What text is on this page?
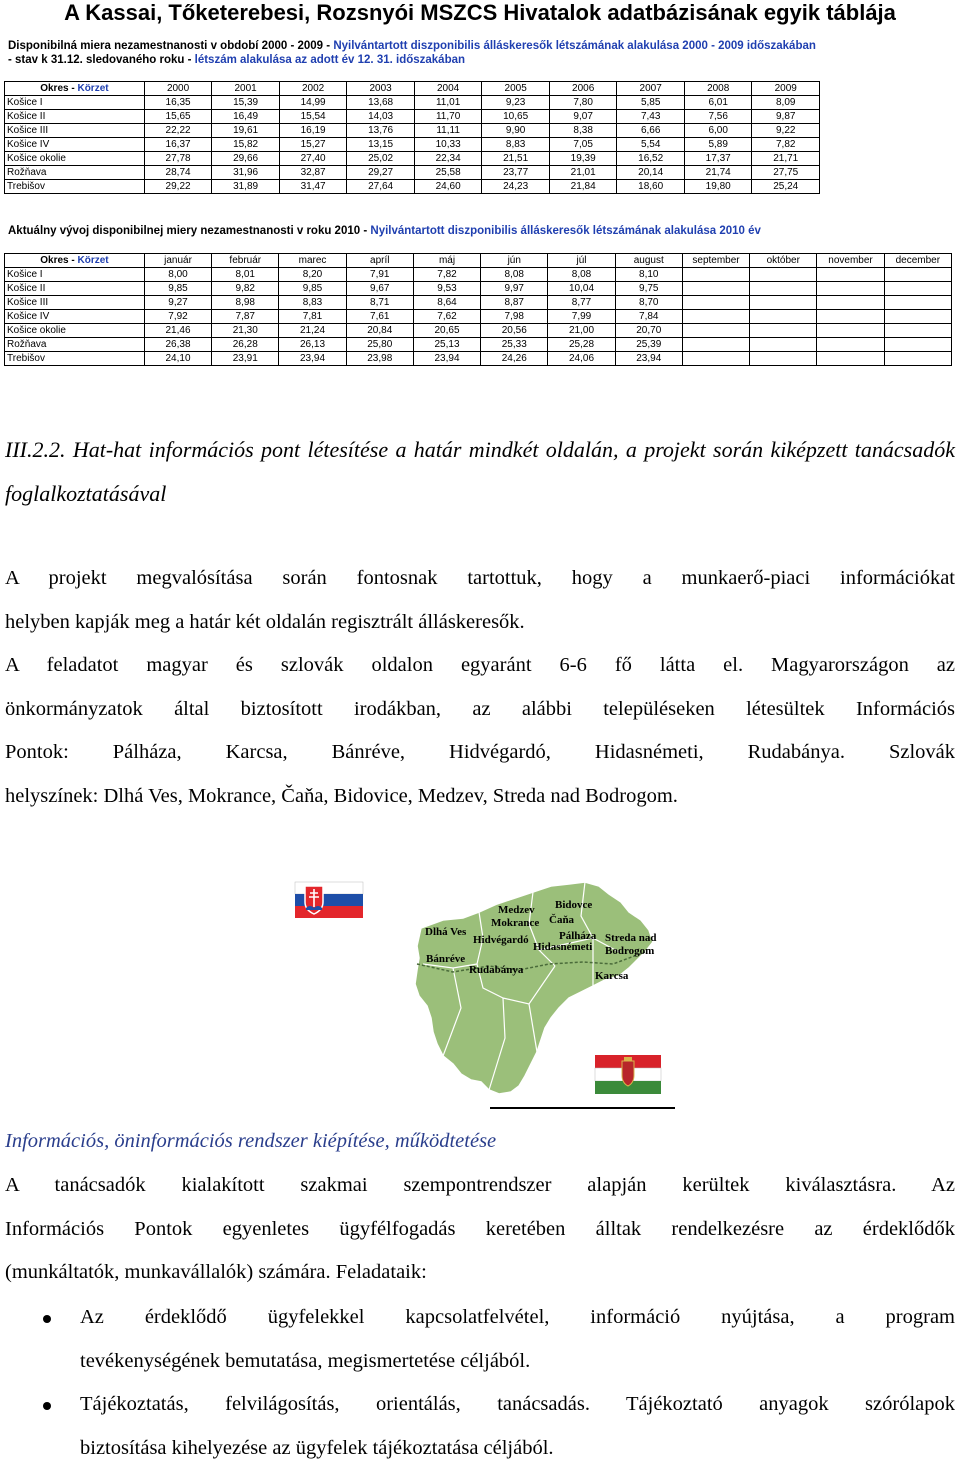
A Kassai, Tőketerebesi, Rozsnyói MSZCS Hivatalok adatbázisának egyik táblája
Disponibilná miera nezamestnanosti v období 2000 - 2009 - Nyilvántartott diszponibilis álláskeresők létszámának alakulása 2000 - 2009 időszakában
- stav k 31.12. sledovaného roku - létszám alakulása az adott év 12. 31. időszakában
Okres - Körzet	2000	2001	2002	2003	2004	2005	2006	2007	2008	2009
Košice I	16,35	15,39	14,99	13,68	11,01	9,23	7,80	5,85	6,01	8,09
Košice II	15,65	16,49	15,54	14,03	11,70	10,65	9,07	7,43	7,56	9,87
Košice III	22,22	19,61	16,19	13,76	11,11	9,90	8,38	6,66	6,00	9,22
Košice IV	16,37	15,82	15,27	13,15	10,33	8,83	7,05	5,54	5,89	7,82
Košice okolie	27,78	29,66	27,40	25,02	22,34	21,51	19,39	16,52	17,37	21,71
Rožňava	28,74	31,96	32,87	29,27	25,58	23,77	21,01	20,14	21,74	27,75
Trebišov	29,22	31,89	31,47	27,64	24,60	24,23	21,84	18,60	19,80	25,24
Aktuálny vývoj disponibilnej miery nezamestnanosti v roku 2010 - Nyilvántartott diszponibilis álláskeresők létszámának alakulása 2010 év
Okres - Körzet	január	február	marec	apríl	máj	jún	júl	august	september	október	november	december
Košice I	8,00	8,01	8,20	7,91	7,82	8,08	8,08	8,10				
Košice II	9,85	9,82	9,85	9,67	9,53	9,97	10,04	9,75				
Košice III	9,27	8,98	8,83	8,71	8,64	8,87	8,77	8,70				
Košice IV	7,92	7,87	7,81	7,61	7,62	7,98	7,99	7,84				
Košice okolie	21,46	21,30	21,24	20,84	20,65	20,56	21,00	20,70				
Rožňava	26,38	26,28	26,13	25,80	25,13	25,33	25,28	25,39				
Trebišov	24,10	23,91	23,94	23,98	23,94	24,26	24,06	23,94				
III.2.2. Hat-hat információs pont létesítése a határ mindkét oldalán, a projekt során kiképzett tanácsadók foglalkoztatásával
A projekt megvalósítása során fontosnak tartottuk, hogy a munkaerő-piaci információkat
helyben kapják meg a határ két oldalán regisztrált álláskeresők.
A feladatot magyar és szlovák oldalon egyaránt 6-6 fő látta el. Magyarországon az
önkormányzatok által biztosított irodákban, az alábbi településeken létesültek Információs
Pontok: Pálháza, Karcsa, Bánréve, Hidvégardó, Hidasnémeti, Rudabánya. Szlovák
helyszínek: Dlhá Ves, Mokrance, Čaňa, Bidovice, Medzev, Streda nad Bodrogom.
Medzev Bidovce
Mokrance Čaňa
Dlhá Ves
Hidvégardó	Pálháza Streda nad
Bodrogom
Hidasnémeti
Bánréve
Rudabánya	Karcsa
Információs, öninformációs rendszer kiépítése, működtetése
A tanácsadók kialakított szakmai szempontrendszer alapján kerültek kiválasztásra. Az
Információs Pontok egyenletes ügyfélfogadás keretében álltak rendelkezésre az érdeklődők
(munkáltatók, munkavállalók) számára. Feladataik:
Az érdeklődő ügyfelekkel kapcsolatfelvétel, információ nyújtása, a program
tevékenységének bemutatása, megismertetése céljából.
Tájékoztatás, felvilágosítás, orientálás, tanácsadás. Tájékoztató anyagok szórólapok
biztosítása kihelyezése az ügyfelek tájékoztatása céljából.
